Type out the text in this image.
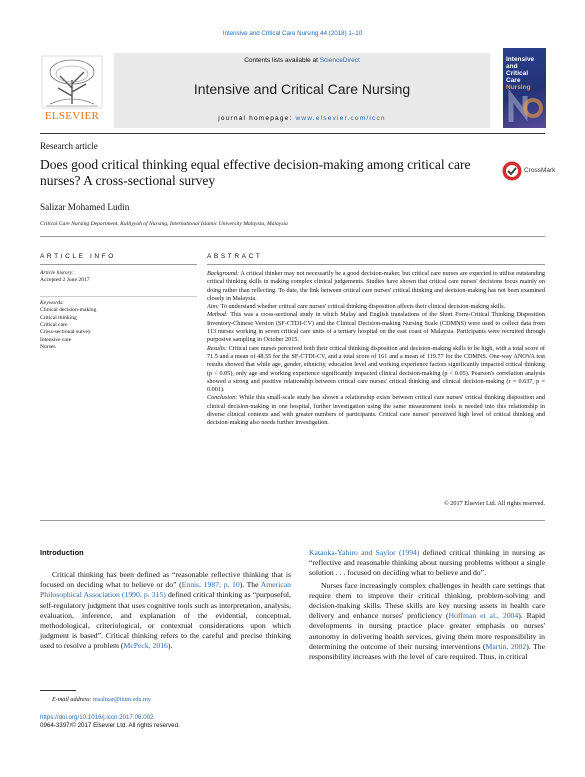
Intensive and Critical Care Nursing 44 (2018) 1–10
ELSEVIER
Contents lists available at ScienceDirect
Intensive and Critical Care Nursing
journal homepage: www.elsevier.com/iccn
Intensive and
Critical Care
Nursing
Research article
Does good critical thinking equal effective decision-making among critical care nurses? A cross-sectional survey
CrossMark
Salizar Mohamed Ludin
Critical Care Nursing Department, Kulliyyah of Nursing, International Islamic University Malaysia, Malaysia
ARTICLE INFO	ABSTRACT
Article history:
Accepted 2 June 2017
Keywords:
Clinical decision-making
Critical thinking
Critical care
Cross-sectional survey
Intensive care
Nurses

Background: A critical thinker may not necessarily be a good decision-maker, but critical care nurses are expected to utilise outstanding critical thinking skills in making complex clinical judgements. Studies have shown that critical care nurses' decisions focus mainly on doing rather than reflecting. To date, the link between critical care nurses' critical thinking and decision-making has not been examined closely in Malaysia.

Aim: To understand whether critical care nurses' critical thinking disposition affects their clinical decision-making skills.

Method: This was a cross-sectional study in which Malay and English translations of the Short Form-Critical Thinking Disposition Inventory-Chinese Version (SF-CTDI-CV) and the Clinical Decision-making Nursing Scale (CDMNS) were used to collect data from 113 nurses working in seven critical care units of a tertiary hospital on the east coast of Malaysia. Participants were recruited through purposive sampling in October 2015.

Results: Critical care nurses perceived both their critical thinking disposition and decision-making skills to be high, with a total score of 71.5 and a mean of 48.55 for the SF-CTDI-CV, and a total score of 161 and a mean of 119.77 for the CDMNS. One-way ANOVA test results showed that while age, gender, ethnicity, education level and working experience factors significantly impacted critical thinking (p < 0.05), only age and working experience significantly impacted clinical decision-making (p < 0.05). Pearson's correlation analysis showed a strong and positive relationship between critical care nurses' critical thinking and clinical decision-making (r = 0.637, p = 0.001).

Conclusion: While this small-scale study has shown a relationship exists between critical care nurses' critical thinking disposition and clinical decision-making in one hospital, further investigation using the same measurement tools is needed into this relationship in diverse clinical contexts and with greater numbers of participants. Critical care nurses' perceived high level of critical thinking and decision-making also needs further investigation.

© 2017 Elsevier Ltd. All rights reserved.
Introduction
Critical thinking has been defined as “reasonable reflective thinking that is focused on deciding what to believe or do” (Ennis, 1987; p. 10). The American Philosophical Association (1990, p. 315) defined critical thinking as “purposeful, self-regulatory judgment that uses cognitive tools such as interpretation, analysis, evaluation, inference, and explanation of the evidential, conceptual, methodological, criteriological, or contextual considerations upon which judgment is based”. Critical thinking refers to the careful and precise thinking used to resolve a problem (McPeck, 2016).

Kataoka-Yahiro and Saylor (1994) defined critical thinking in nursing as “reflective and reasonable thinking about nursing problems without a single solution . . . focused on deciding what to believe and do”.

Nurses face increasingly complex challenges in health care settings that require them to improve their critical thinking, problem-solving and decision-making skills. These skills are key nursing assets in health care delivery and enhance nurses' proficiency (Hoffman et al., 2004). Rapid developments in nursing practice place greater emphasis on nurses' autonomy in delivering health services, giving them more responsibility in determining the outcome of their nursing interventions (Martin, 2002). The responsibility increases with the level of care required. Thus, in critical

E-mail address: msalizar@iium.edu.my
https://doi.org/10.1016/j.iccn.2017.06.002
0964-3397/© 2017 Elsevier Ltd. All rights reserved.
